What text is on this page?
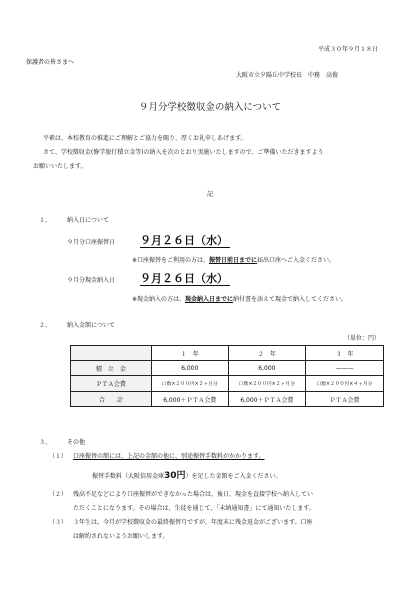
平成３０年９月１８日
保護者の皆さまへ
大阪市立夕陽丘中学校長　中務　高俊
９月分学校徴収金の納入について
平素は、本校教育の推進にご理解とご協力を賜り、厚くお礼申しあげます。
さて、学校徴収金(修学旅行積立金等)の納入を次のとおり実施いたしますので、ご準備いただきますよう
お願いいたします。
記
１、	納入日について
９月分口座振替日 ９月２６日（水）
※口座振替をご利用の方は、振替日前日までに届出口座へご入金ください。
９月分現金納入日 ９月２６日（水）
※現金納入の方は、現金納入日までに納付書を添えて現金で納入してください。
２、	納入金額について
（単位：円）
	１　年	２　年	３　年
積　立　金	6,000	6,000	———
ＰＴＡ会費	口数×２００円×２ヶ月分	口数×２００円×２ヶ月分	口数×２００円×４ヶ月分
合　　計	6,000＋ＰＴＡ会費	6,000＋ＰＴＡ会費	ＰＴＡ会費
３、	その他
（１） 口座振替の額には、上記の金額の他に、別途振替手数料がかかります。
振替手数料（大阪信用金庫30円）を足した金額をご入金ください。
（２） 残高不足などにより口座振替ができなかった場合は、後日、現金を直接学校へ納入してい
ただくことになります。その場合は、生徒を通じて、「未納通知書」にて通知いたします。
（３） ３年生は、今月が学校徴収金の最終振替月ですが、年度末に残金返金がございます。口座
は解約されないようお願いします。
